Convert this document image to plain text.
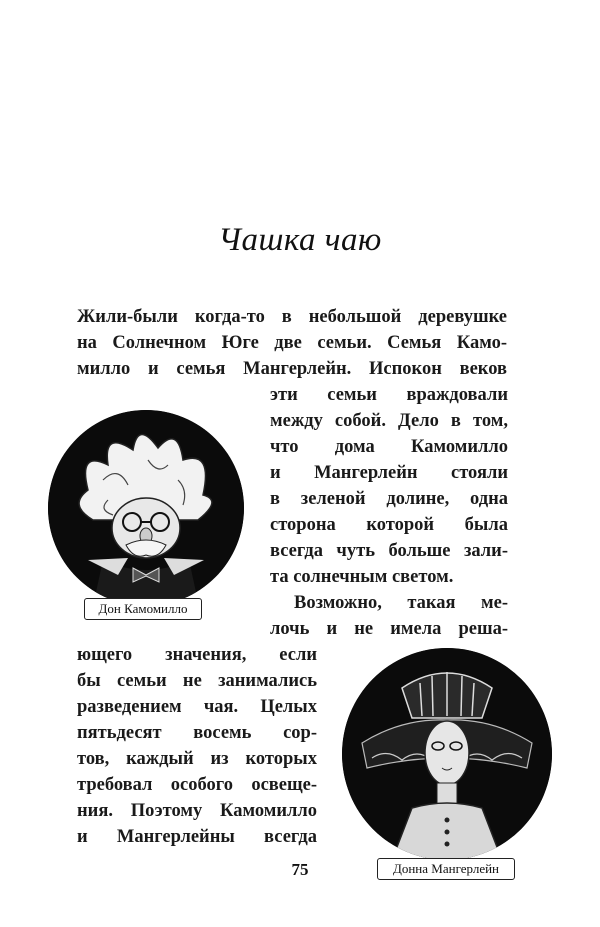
Чашка чаю
Жили-были когда-то в небольшой деревушке
на Солнечном Юге две семьи. Семья Камо-
милло и семья Мангерлейн. Испокон веков
эти семьи враждовали
между собой. Дело в том,
что дома Камомилло
и Мангерлейн стояли
в зеленой долине, одна
сторона которой была
всегда чуть больше зали-
та солнечным светом.
Возможно, такая ме-
лочь и не имела реша-
ющего значения, если
бы семьи не занимались
разведением чая. Целых
пятьдесят восемь сор-
тов, каждый из которых
требовал особого освеще-
ния. Поэтому Камомилло
и Мангерлейны всегда
Дон Камомилло
Донна Мангерлейн
75
